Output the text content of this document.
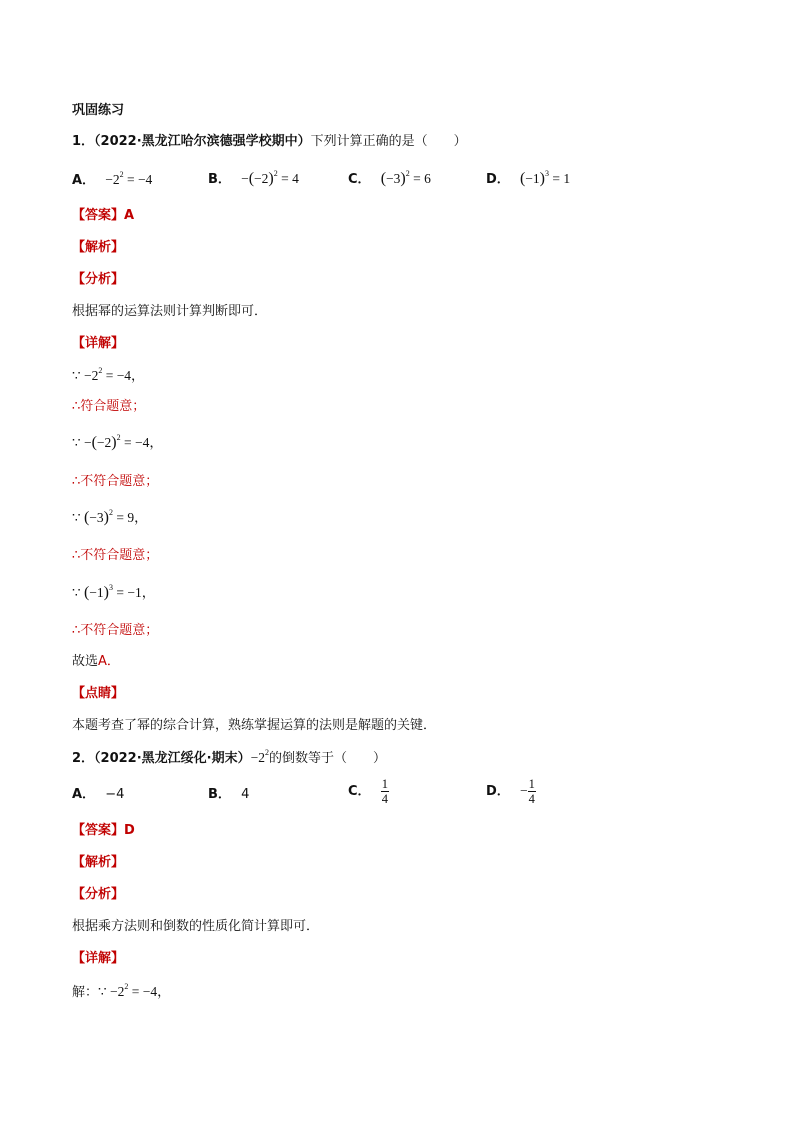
巩固练习
1．（2022·黑龙江哈尔滨德强学校期中）下列计算正确的是（　　）
A． $-2^2 = -4$	B． $-(-2)^2 = 4$	C． $(-3)^2 = 6$	D． $(-1)^3 = 1$
【答案】A
【解析】
【分析】
根据幂的运算法则计算判断即可．
【详解】
∵ $-2^2 = -4$，
∴符合题意；
∵ $-(-2)^2 = -4$，
∴不符合题意；
∵ $(-3)^2 = 9$，
∴不符合题意；
∵ $(-1)^3 = -1$，
∴不符合题意；
故选A．
【点睛】
本题考查了幂的综合计算，熟练掌握运算的法则是解题的关键．
2．（2022·黑龙江绥化·期末）$-2^2$的倒数等于（　　）
A． −4	B． 4	C． $\frac{1}{4}$	D． − $\frac{1}{4}$
【答案】D
【解析】
【分析】
根据乘方法则和倒数的性质化简计算即可．
【详解】
解：∵ $-2^2 = -4$，
